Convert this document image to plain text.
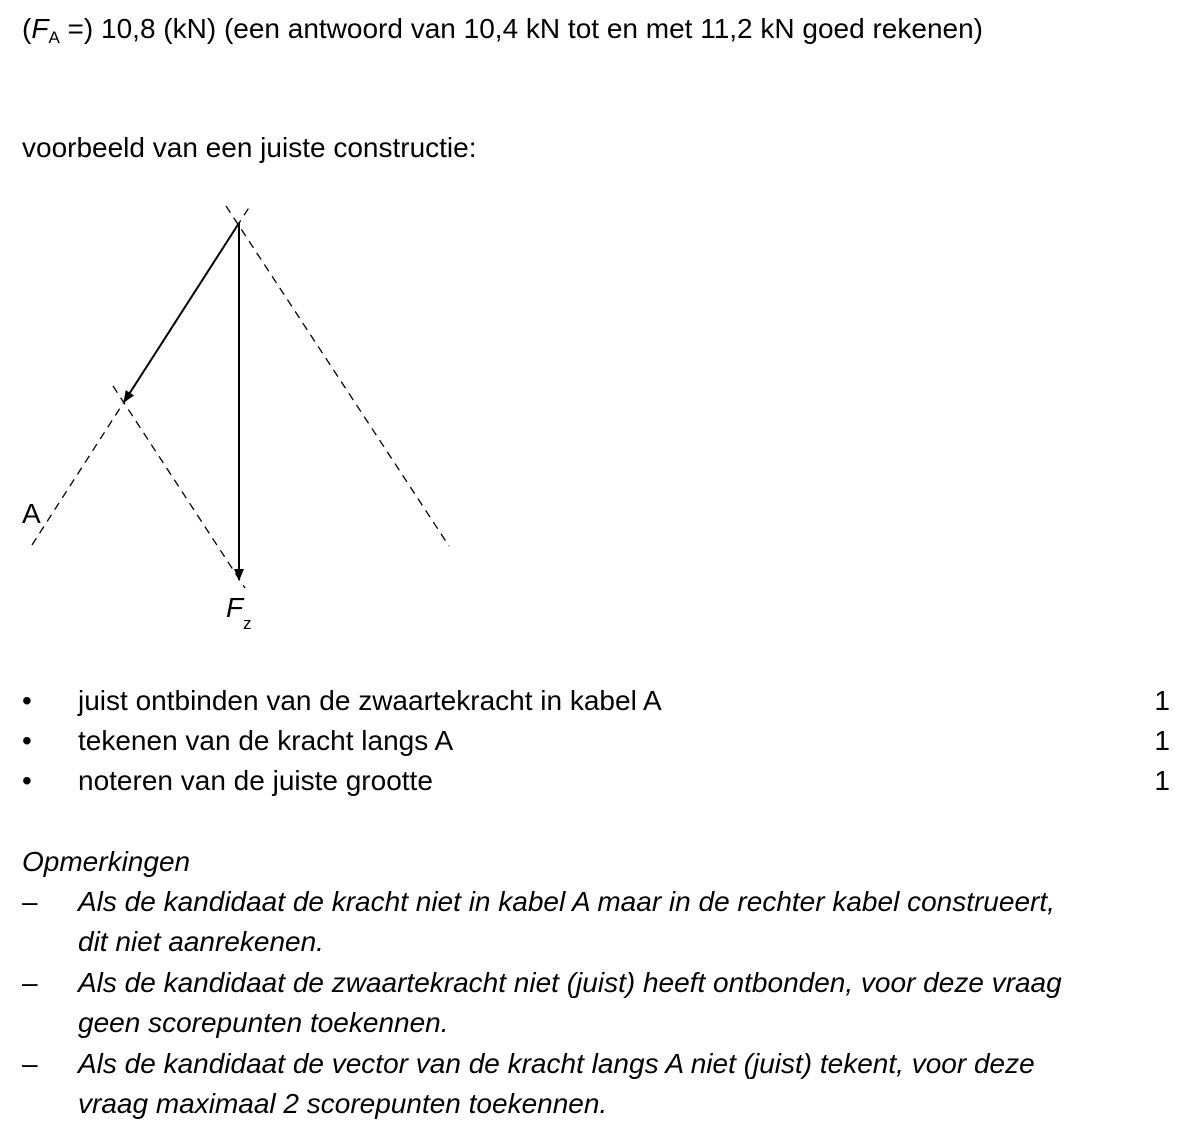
($F_A$ =) 10,8 (kN) (een antwoord van 10,4 kN tot en met 11,2 kN goed rekenen)

voorbeeld van een juiste constructie:

A
F
z
• juist ontbinden van de zwaartekracht in kabel A	1
• tekenen van de kracht langs A	1
• noteren van de juiste grootte	1
Opmerkingen
– Als de kandidaat de kracht niet in kabel A maar in de rechter kabel construeert, dit niet aanrekenen.
– Als de kandidaat de zwaartekracht niet (juist) heeft ontbonden, voor deze vraag geen scorepunten toekennen.
– Als de kandidaat de vector van de kracht langs A niet (juist) tekent, voor deze vraag maximaal 2 scorepunten toekennen.
